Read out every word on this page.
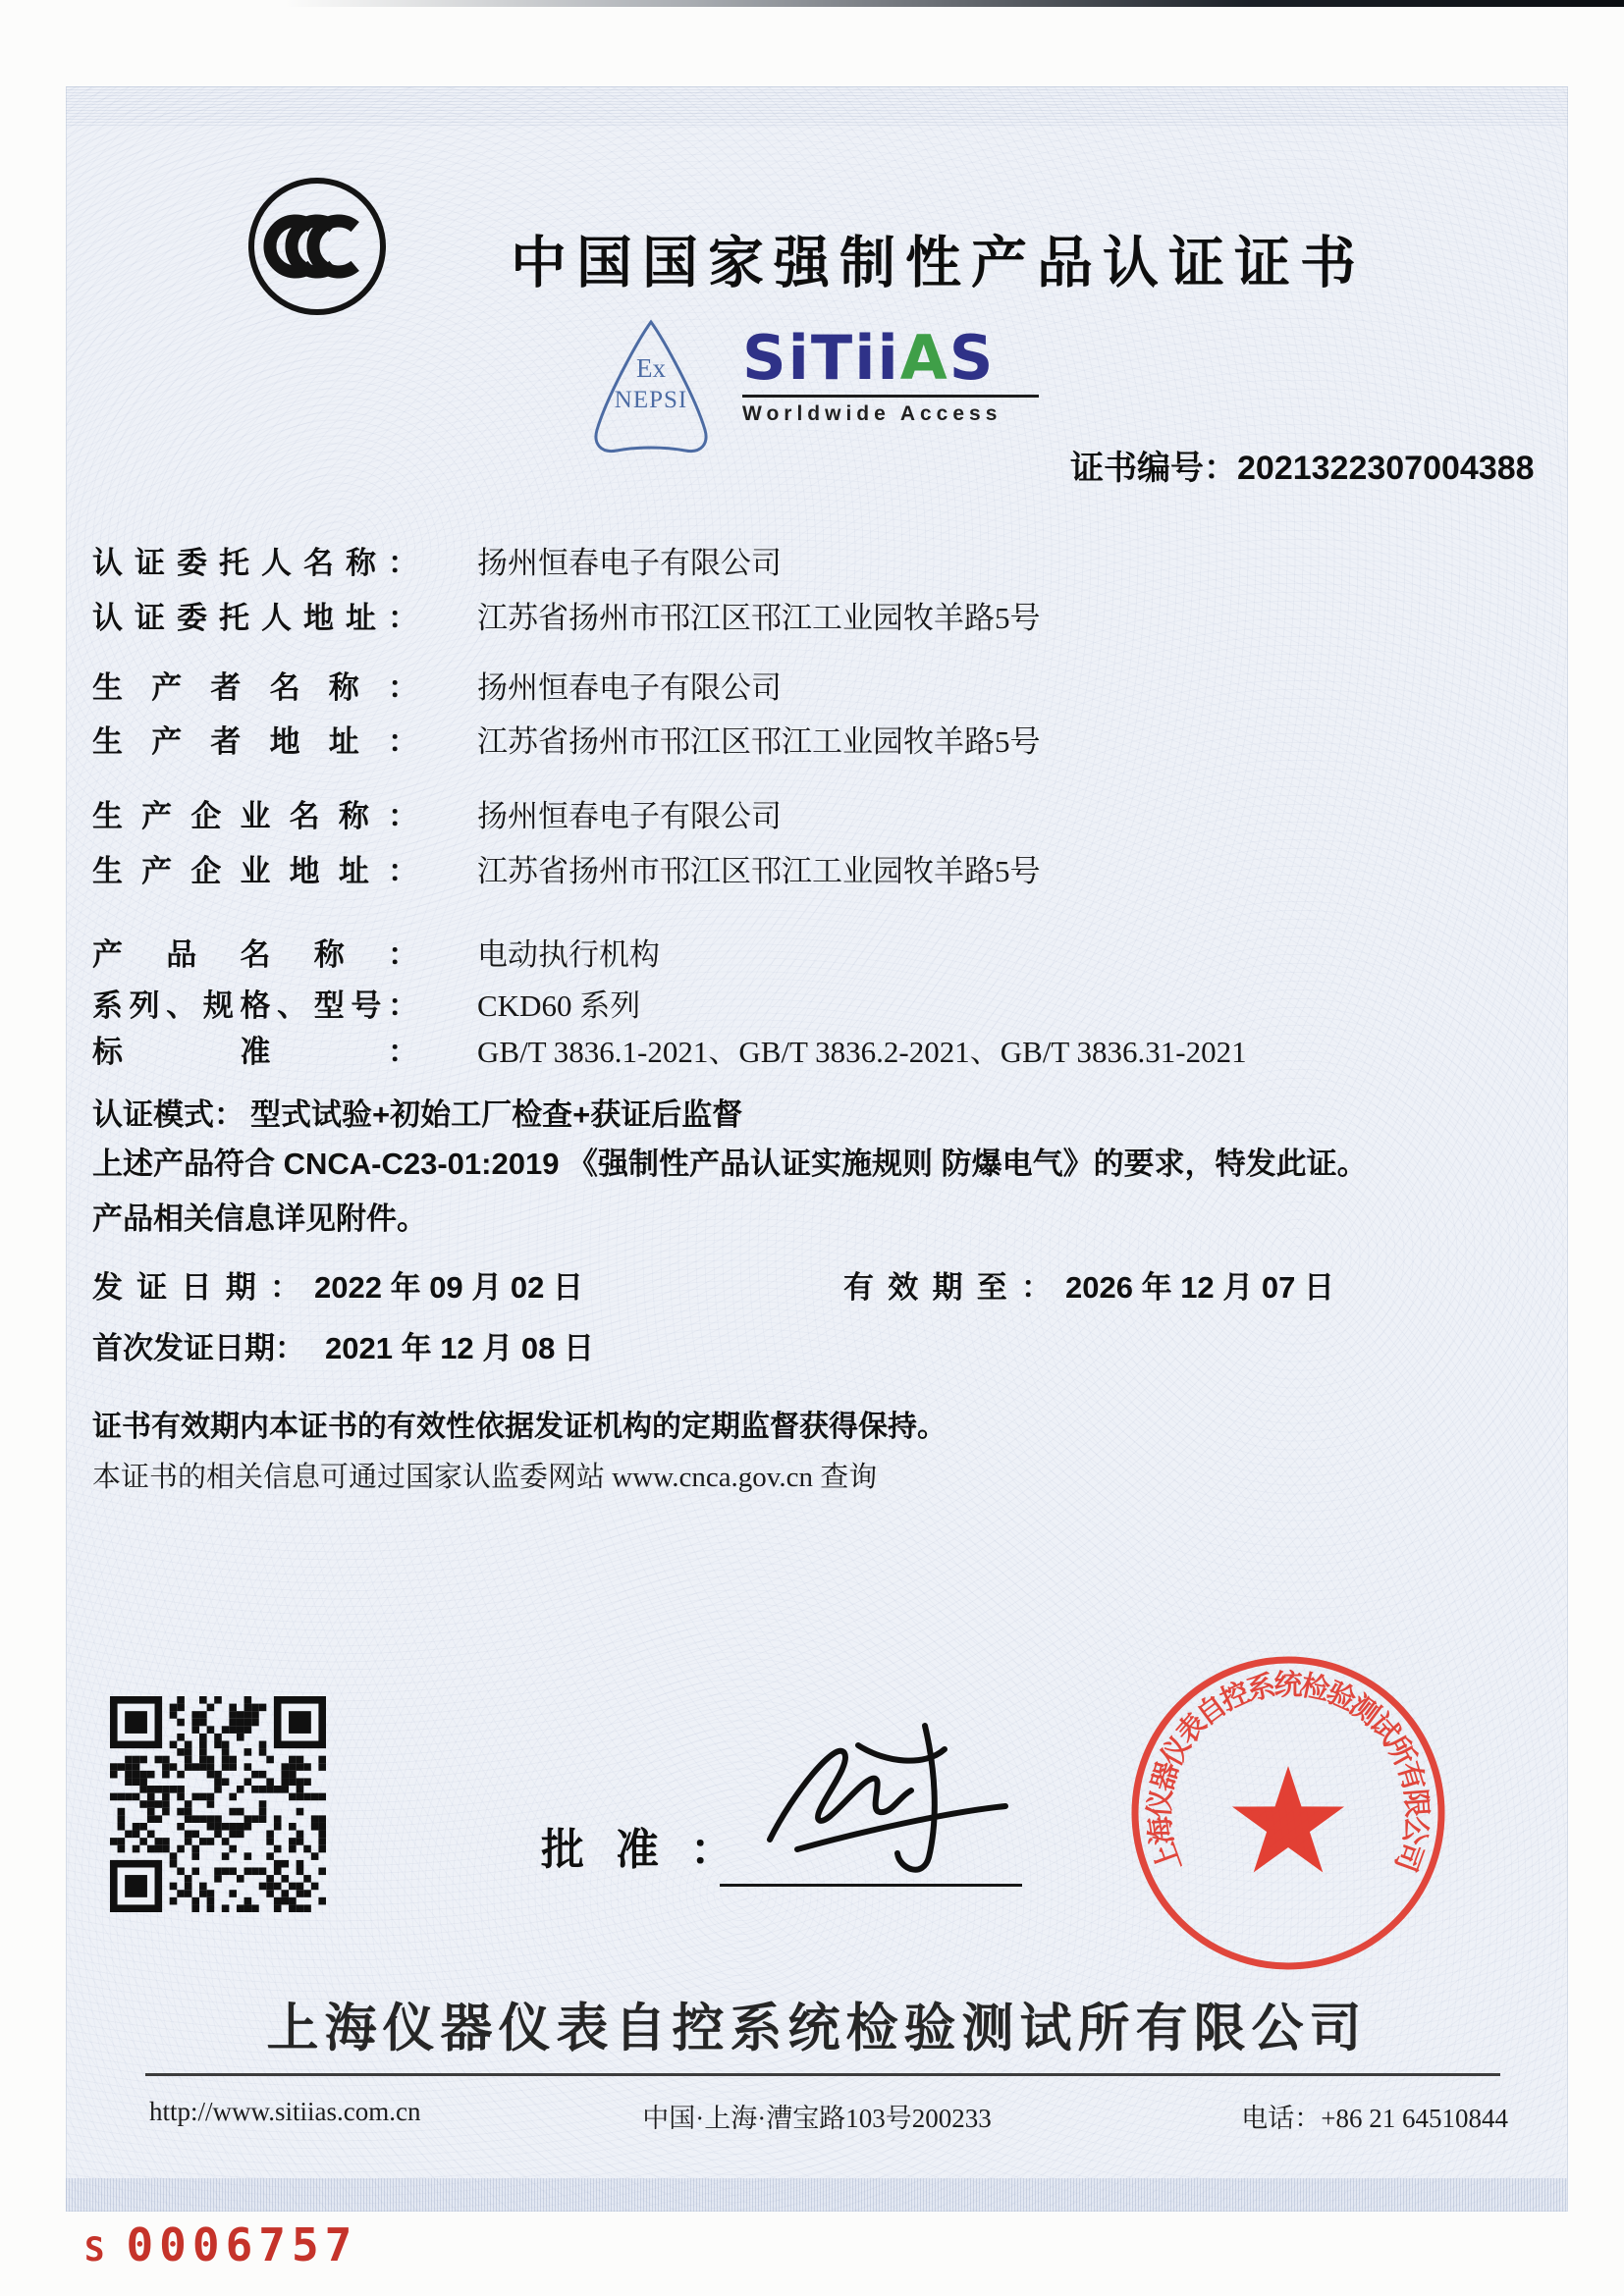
中国国家强制性产品认证证书
Ex
NEPSI
SiTiiAS
Worldwide Access
证书编号 ： 2021322307004388
认证委托人名称 ：	扬州恒春电子有限公司
认证委托人地址 ：	江苏省扬州市邗江区邗江工业园牧羊路5号
生产者名称 ：	扬州恒春电子有限公司
生产者地址 ：	江苏省扬州市邗江区邗江工业园牧羊路5号
生产企业名称 ：	扬州恒春电子有限公司
生产企业地址 ：	江苏省扬州市邗江区邗江工业园牧羊路5号
产品名称 ：	电动执行机构
系列、规格、型号 ：	CKD60 系列
标准 ：	GB/T 3836.1-2021、GB/T 3836.2-2021、GB/T 3836.31-2021
认证模式 ： 型式试验+初始工厂检查+获证后监督
上述产品符合 CNCA-C23-01:2019 《强制性产品认证实施规则 防爆电气》的要求，特发此证。
产品相关信息详见附件。
发证日期 ： 2022 年 09 月 02 日	有效期至 ： 2026 年 12 月 07 日
首次发证日期 ： 2021 年 12 月 08 日
证书有效期内本证书的有效性依据发证机构的定期监督获得保持。
本证书的相关信息可通过国家认监委网站 www.cnca.gov.cn 查询
批准 ：	上
海
仪
器
仪
表
自
控
系
统
检
验
测
试
所
有
限
公
司
上海仪器仪表自控系统检验测试所有限公司
http://www.sitiias.com.cn	中国·上海·漕宝路103号200233	电话：+86 21 64510844
S 0006757
